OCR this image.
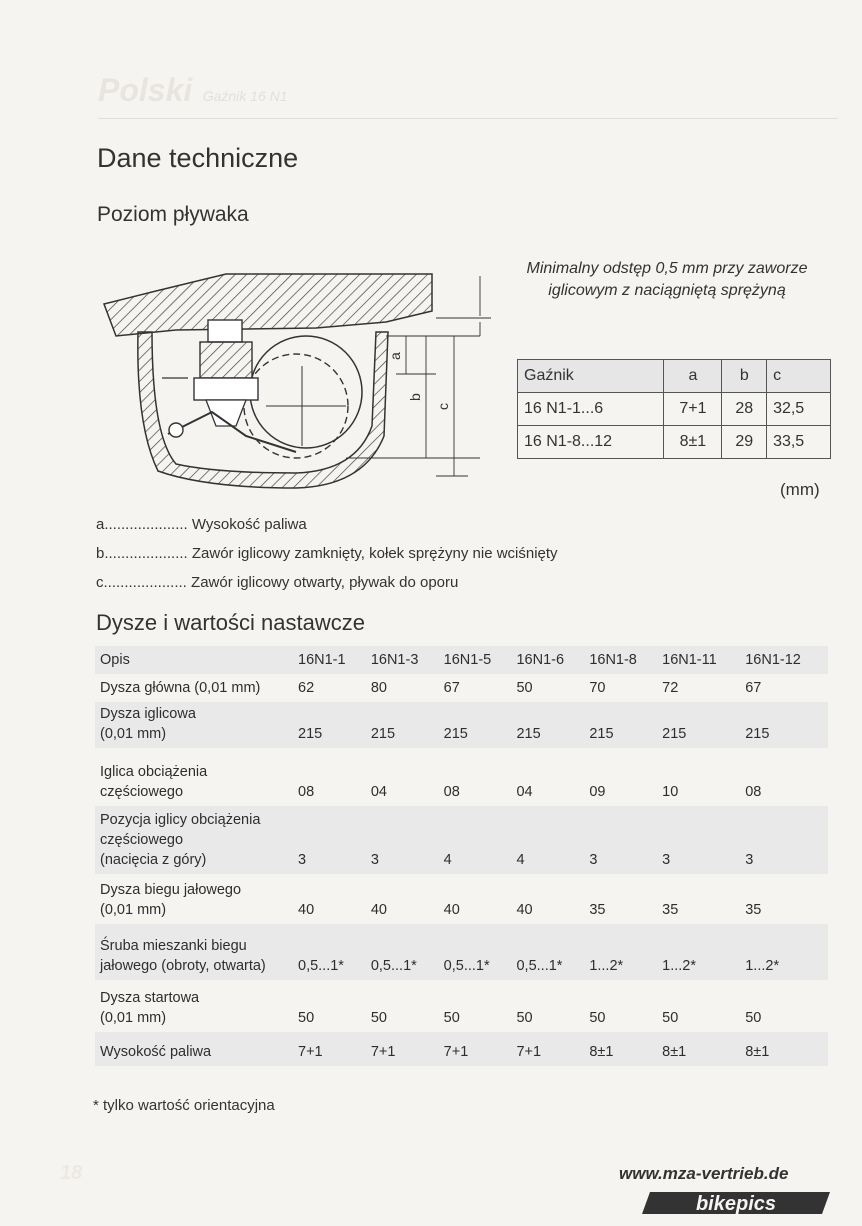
Polski Gaźnik 16 N1
Dane techniczne
Poziom pływaka
Minimalny odstęp 0,5 mm przy zaworze
iglicowym z naciągniętą sprężyną
a
b
c
Gaźnik	a	b	c
16 N1-1...6	7+1	28	32,5
16 N1-8...12	8±1	29	33,5
(mm)
a.................... Wysokość paliwa
b.................... Zawór iglicowy zamknięty, kołek sprężyny nie wciśnięty
c.................... Zawór iglicowy otwarty, pływak do oporu
Dysze i wartości nastawcze
Opis	16N1-1	16N1-3	16N1-5	16N1-6	16N1-8	16N1-11	16N1-12

Dysza główna (0,01 mm)	62	80	67	50	70	72	67

Dysza iglicowa
(0,01 mm)	215	215	215	215	215	215	215

Iglica obciążenia
częściowego	08	04	08	04	09	10	08

Pozycja iglicy obciążenia
częściowego
(nacięcia z góry)	3	3	4	4	3	3	3

Dysza biegu jałowego
(0,01 mm)	40	40	40	40	35	35	35

Śruba mieszanki biegu
jałowego (obroty, otwarta)	0,5...1*	0,5...1*	0,5...1*	0,5...1*	1...2*	1...2*	1...2*

Dysza startowa
(0,01 mm)	50	50	50	50	50	50	50

Wysokość paliwa	7+1	7+1	7+1	7+1	8±1	8±1	8±1
* tylko wartość orientacyjna
18	www.mza-vertrieb.de
bikepics
